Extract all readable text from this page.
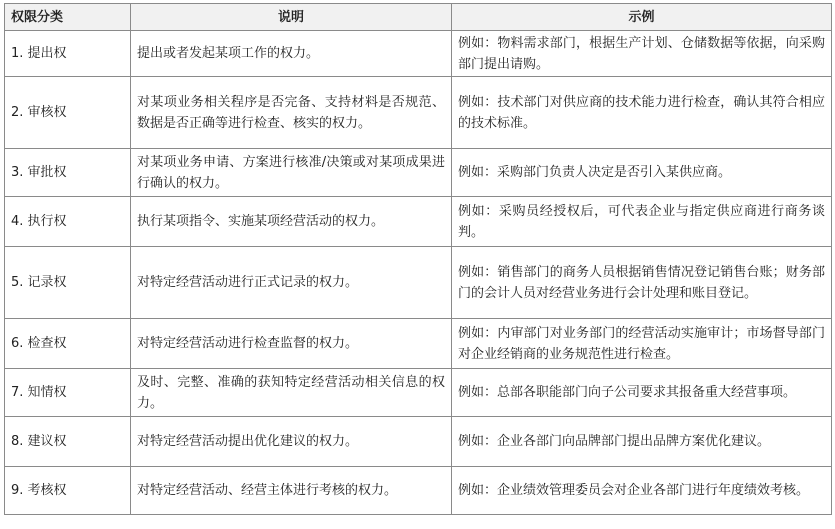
权限分类	说明	示例
1. 提出权	提出或者发起某项工作的权力。	例如：物料需求部门，根据生产计划、仓储数据等依据，向采购部门提出请购。
2. 审核权	对某项业务相关程序是否完备、支持材料是否规范、数据是否正确等进行检查、核实的权力。	例如：技术部门对供应商的技术能力进行检查，确认其符合相应的技术标准。
3. 审批权	对某项业务申请、方案进行核准/决策或对某项成果进行确认的权力。	例如：采购部门负责人决定是否引入某供应商。
4. 执行权	执行某项指令、实施某项经营活动的权力。	例如：采购员经授权后，可代表企业与指定供应商进行商务谈判。
5. 记录权	对特定经营活动进行正式记录的权力。	例如：销售部门的商务人员根据销售情况登记销售台账；财务部门的会计人员对经营业务进行会计处理和账目登记。
6. 检查权	对特定经营活动进行检查监督的权力。	例如：内审部门对业务部门的经营活动实施审计；市场督导部门对企业经销商的业务规范性进行检查。
7. 知情权	及时、完整、准确的获知特定经营活动相关信息的权力。	例如：总部各职能部门向子公司要求其报备重大经营事项。
8. 建议权	对特定经营活动提出优化建议的权力。	例如：企业各部门向品牌部门提出品牌方案优化建议。
9. 考核权	对特定经营活动、经营主体进行考核的权力。	例如：企业绩效管理委员会对企业各部门进行年度绩效考核。
